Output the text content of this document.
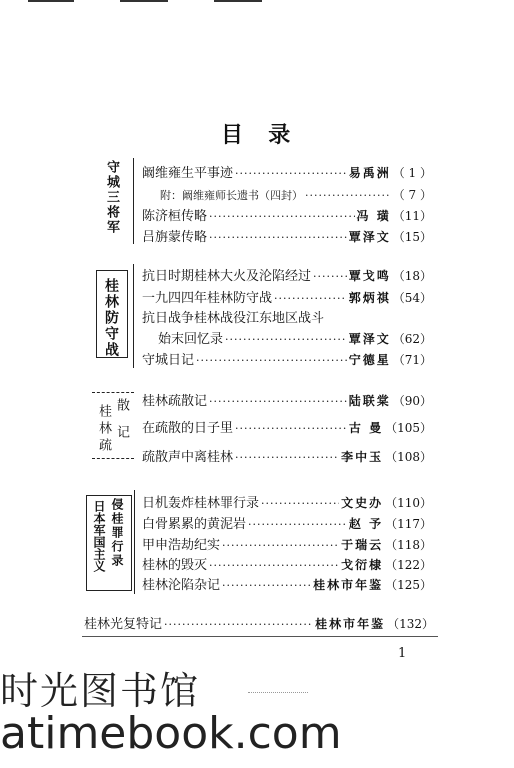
目 录
守城三将军 阚维雍生平事迹 ·····	易禹洲 （ 1 ）
附：阚维雍师长遗书（四封） ·····	（ 7 ）
陈济桓传略 ·····	冯 璜 （11）
吕旃蒙传略 ·····	覃泽文 （15）
桂林防守战
抗日时期桂林大火及沦陷经过 ·····	覃戈鸣 （18）
一九四四年桂林防守战 ·····	郭炳祺 （54）
抗日战争桂林战役江东地区战斗
始末回忆录 ·····	覃泽文 （62）
守城日记 ·····	宁德星 （71）
桂林疏 散记 桂林疏散记 ·····	陆联棠 （90）
在疏散的日子里 ·····	古 曼 （105）
疏散声中离桂林 ·····	李中玉 （108）
日本军国主义 侵桂罪行录 日机轰炸桂林罪行录 ·····	文史办 （110）
白骨累累的黄泥岩 ·····	赵 予 （117）
甲申浩劫纪实 ·····	于瑞云 （118）
桂林的毁灭 ·····	戈衍棣 （122）
桂林沦陷杂记 ·····	桂林市年鉴 （125）
桂林光复特记 ·····	桂林市年鉴 （132）
1
时光图书馆
atimebook.com
